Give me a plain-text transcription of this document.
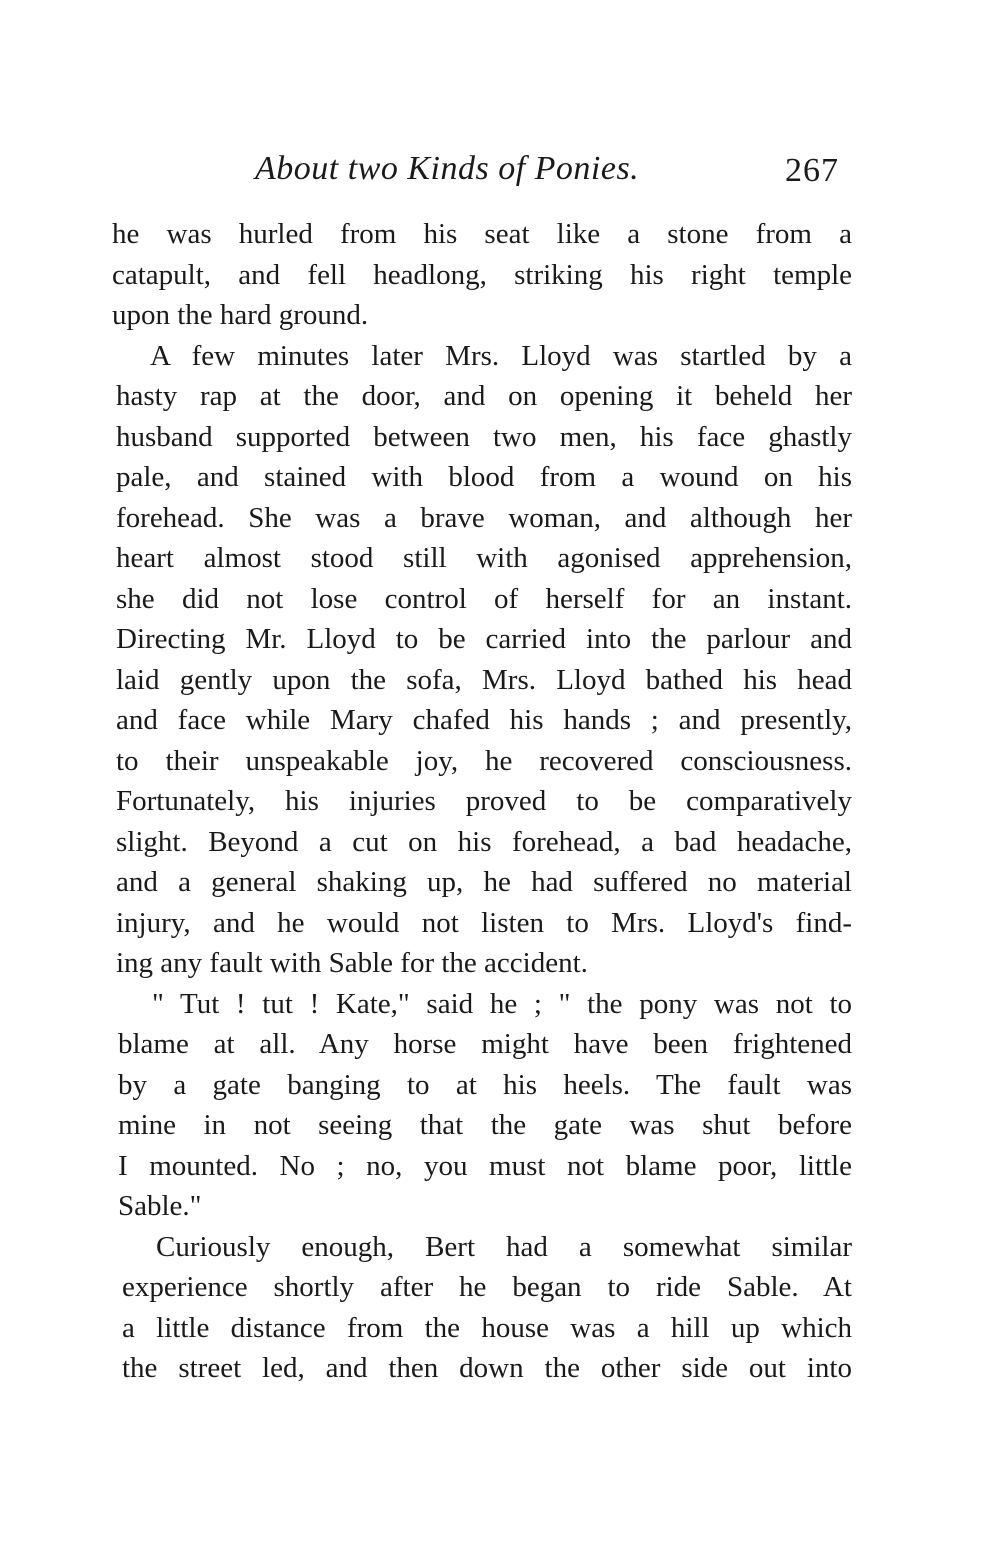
About two Kinds of Ponies.	267
he was hurled from his seat like a stone from a
catapult, and fell headlong, striking his right temple
upon the hard ground.
A few minutes later Mrs. Lloyd was startled by a
hasty rap at the door, and on opening it beheld her
husband supported between two men, his face ghastly
pale, and stained with blood from a wound on his
forehead. She was a brave woman, and although her
heart almost stood still with agonised apprehension,
she did not lose control of herself for an instant.
Directing Mr. Lloyd to be carried into the parlour and
laid gently upon the sofa, Mrs. Lloyd bathed his head
and face while Mary chafed his hands ; and presently,
to their unspeakable joy, he recovered consciousness.
Fortunately, his injuries proved to be comparatively
slight. Beyond a cut on his forehead, a bad headache,
and a general shaking up, he had suffered no material
injury, and he would not listen to Mrs. Lloyd's find-
ing any fault with Sable for the accident.
" Tut ! tut ! Kate," said he ; " the pony was not to
blame at all. Any horse might have been frightened
by a gate banging to at his heels. The fault was
mine in not seeing that the gate was shut before
I mounted. No ; no, you must not blame poor, little
Sable."
Curiously enough, Bert had a somewhat similar
experience shortly after he began to ride Sable. At
a little distance from the house was a hill up which
the street led, and then down the other side out into
